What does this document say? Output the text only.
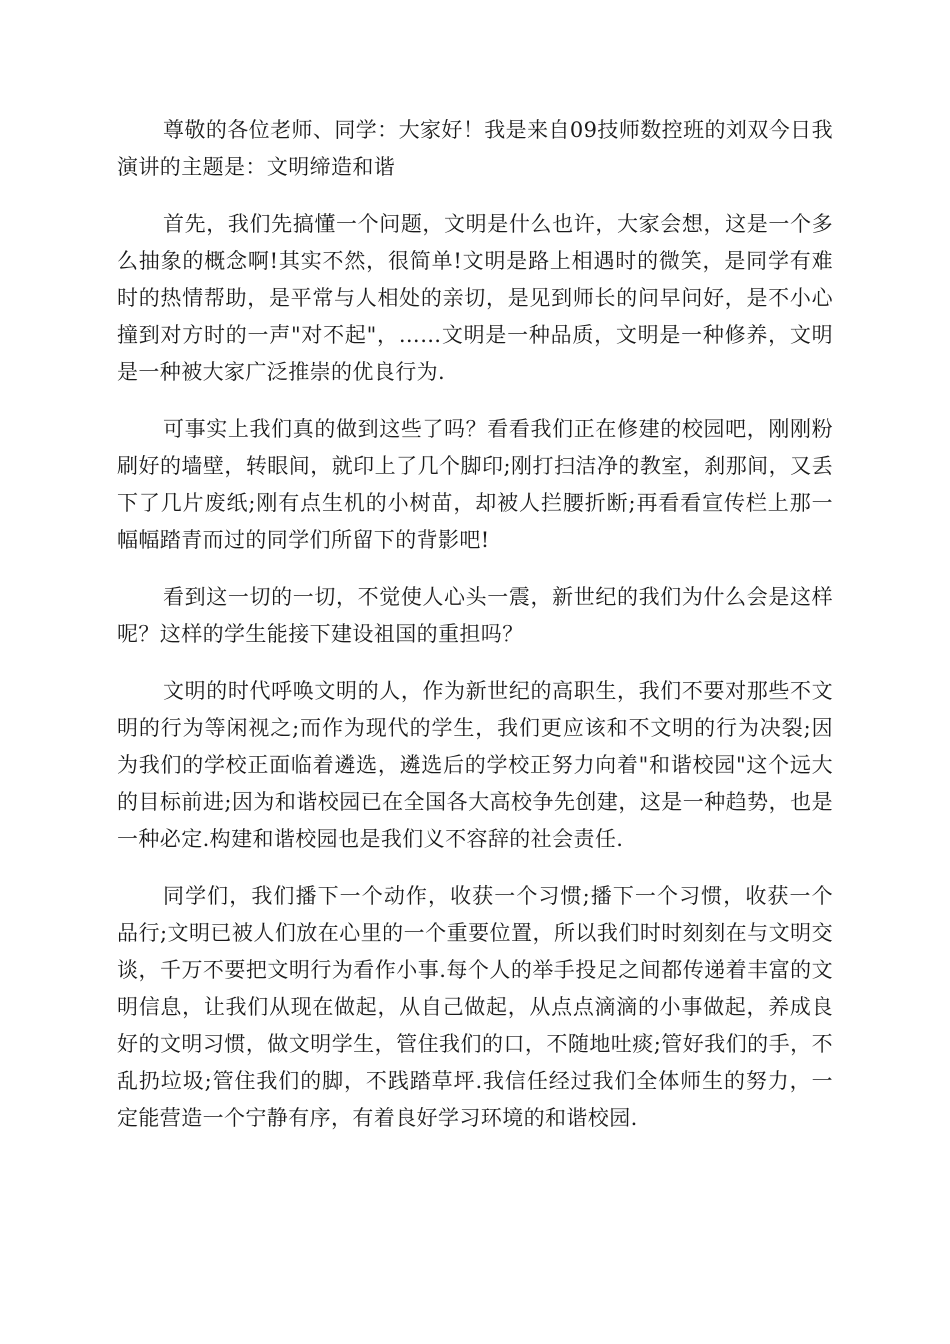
尊敬的各位老师、同学：大家好！我是来自09技师数控班的刘双今日我演讲的主题是：文明缔造和谐

首先，我们先搞懂一个问题，文明是什么也许，大家会想，这是一个多么抽象的概念啊!其实不然，很简单!文明是路上相遇时的微笑，是同学有难时的热情帮助，是平常与人相处的亲切，是见到师长的问早问好，是不小心撞到对方时的一声"对不起"，……文明是一种品质，文明是一种修养，文明是一种被大家广泛推崇的优良行为.

可事实上我们真的做到这些了吗？看看我们正在修建的校园吧，刚刚粉刷好的墙壁，转眼间，就印上了几个脚印;刚打扫洁净的教室，刹那间，又丢下了几片废纸;刚有点生机的小树苗，却被人拦腰折断;再看看宣传栏上那一幅幅踏青而过的同学们所留下的背影吧!

看到这一切的一切，不觉使人心头一震，新世纪的我们为什么会是这样呢？这样的学生能接下建设祖国的重担吗？

文明的时代呼唤文明的人，作为新世纪的高职生，我们不要对那些不文明的行为等闲视之;而作为现代的学生，我们更应该和不文明的行为决裂;因为我们的学校正面临着遴选，遴选后的学校正努力向着"和谐校园"这个远大的目标前进;因为和谐校园已在全国各大高校争先创建，这是一种趋势，也是一种必定.构建和谐校园也是我们义不容辞的社会责任.

同学们，我们播下一个动作，收获一个习惯;播下一个习惯，收获一个品行;文明已被人们放在心里的一个重要位置，所以我们时时刻刻在与文明交谈，千万不要把文明行为看作小事.每个人的举手投足之间都传递着丰富的文明信息，让我们从现在做起，从自己做起，从点点滴滴的小事做起，养成良好的文明习惯，做文明学生，管住我们的口，不随地吐痰;管好我们的手，不乱扔垃圾;管住我们的脚，不践踏草坪.我信任经过我们全体师生的努力，一定能营造一个宁静有序，有着良好学习环境的和谐校园.
